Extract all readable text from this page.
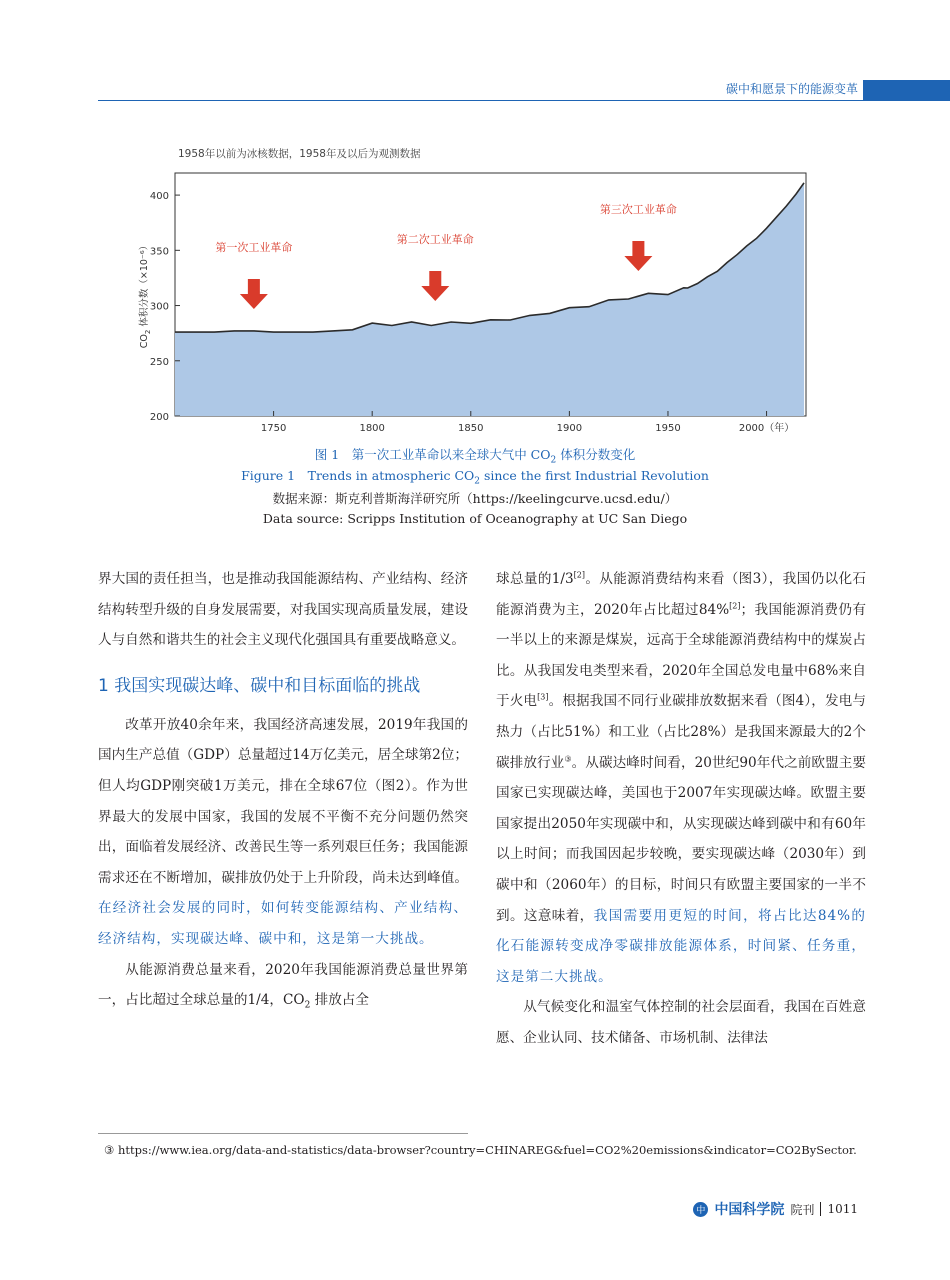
碳中和愿景下的能源变革
1958年以前为冰核数据，1958年及以后为观测数据
200
250
300
350
400
1750	1800	1850	1900	1950	2000（年）
$CO_2$ 体积分数（×10⁻⁶）	第一次工业革命
第二次工业革命
第三次工业革命
图 1　第一次工业革命以来全球大气中 $CO_2$ 体积分数变化
Figure 1　Trends in atmospheric $CO_2$ since the first Industrial Revolution
数据来源：斯克利普斯海洋研究所（https://keelingcurve.ucsd.edu/）
Data source: Scripps Institution of Oceanography at UC San Diego

界大国的责任担当，也是推动我国能源结构、产业结构、经济结构转型升级的自身发展需要，对我国实现高质量发展，建设人与自然和谐共生的社会主义现代化强国具有重要战略意义。

1 我国实现碳达峰、碳中和目标面临的挑战

改革开放40余年来，我国经济高速发展，2019年我国的国内生产总值（GDP）总量超过14万亿美元，居全球第2位；但人均GDP刚突破1万美元，排在全球67位（图2）。作为世界最大的发展中国家，我国的发展不平衡不充分问题仍然突出，面临着发展经济、改善民生等一系列艰巨任务；我国能源需求还在不断增加，碳排放仍处于上升阶段，尚未达到峰值。在经济社会发展的同时，如何转变能源结构、产业结构、经济结构，实现碳达峰、碳中和，这是第一大挑战。

从能源消费总量来看，2020年我国能源消费总量世界第一，占比超过全球总量的1/4，$CO_2$ 排放占全

球总量的1/3[2]。从能源消费结构来看（图3），我国仍以化石能源消费为主，2020年占比超过84%[2]；我国能源消费仍有一半以上的来源是煤炭，远高于全球能源消费结构中的煤炭占比。从我国发电类型来看，2020年全国总发电量中68%来自于火电[3]。根据我国不同行业碳排放数据来看（图4），发电与热力（占比51%）和工业（占比28%）是我国来源最大的2个碳排放行业③。从碳达峰时间看，20世纪90年代之前欧盟主要国家已实现碳达峰，美国也于2007年实现碳达峰。欧盟主要国家提出2050年实现碳中和，从实现碳达峰到碳中和有60年以上时间；而我国因起步较晚，要实现碳达峰（2030年）到碳中和（2060年）的目标，时间只有欧盟主要国家的一半不到。这意味着，我国需要用更短的时间，将占比达84%的化石能源转变成净零碳排放能源体系，时间紧、任务重，这是第二大挑战。

从气候变化和温室气体控制的社会层面看，我国在百姓意愿、企业认同、技术储备、市场机制、法律法

③ https://www.iea.org/data-and-statistics/data-browser?country=CHINAREG&fuel=CO2%20emissions&indicator=CO2BySector.
中 中国科学院 院刊 1011
